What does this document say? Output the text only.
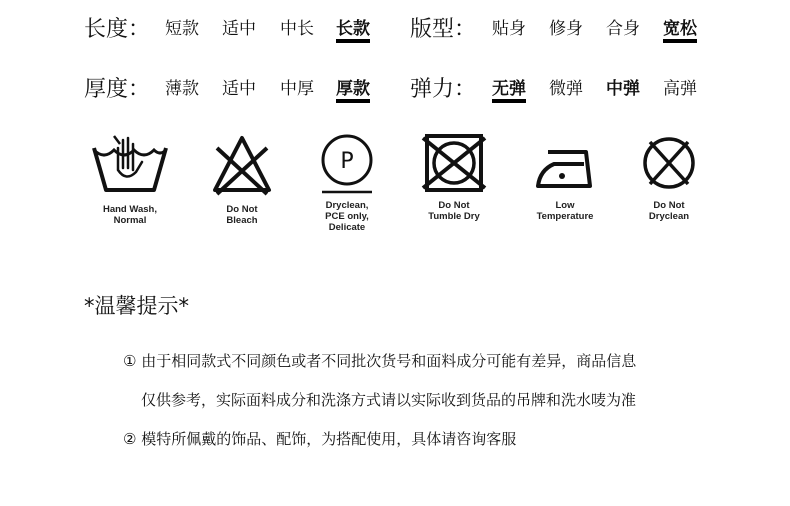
长度： 短款 适中 中长 长款 版型： 贴身 修身 合身 宽松
厚度： 薄款 适中 中厚 厚款 弹力： 无弹 微弹 中弹 高弹
Hand Wash,
Normal
Do Not
Bleach
P
Dryclean,
PCE only,
Delicate
Do Not
Tumble Dry
Low
Temperature
Do Not
Dryclean
*温馨提示*
① 由于相同款式不同颜色或者不同批次货号和面料成分可能有差异，商品信息
仅供参考，实际面料成分和洗涤方式请以实际收到货品的吊牌和洗水唛为准
② 模特所佩戴的饰品、配饰，为搭配使用，具体请咨询客服
